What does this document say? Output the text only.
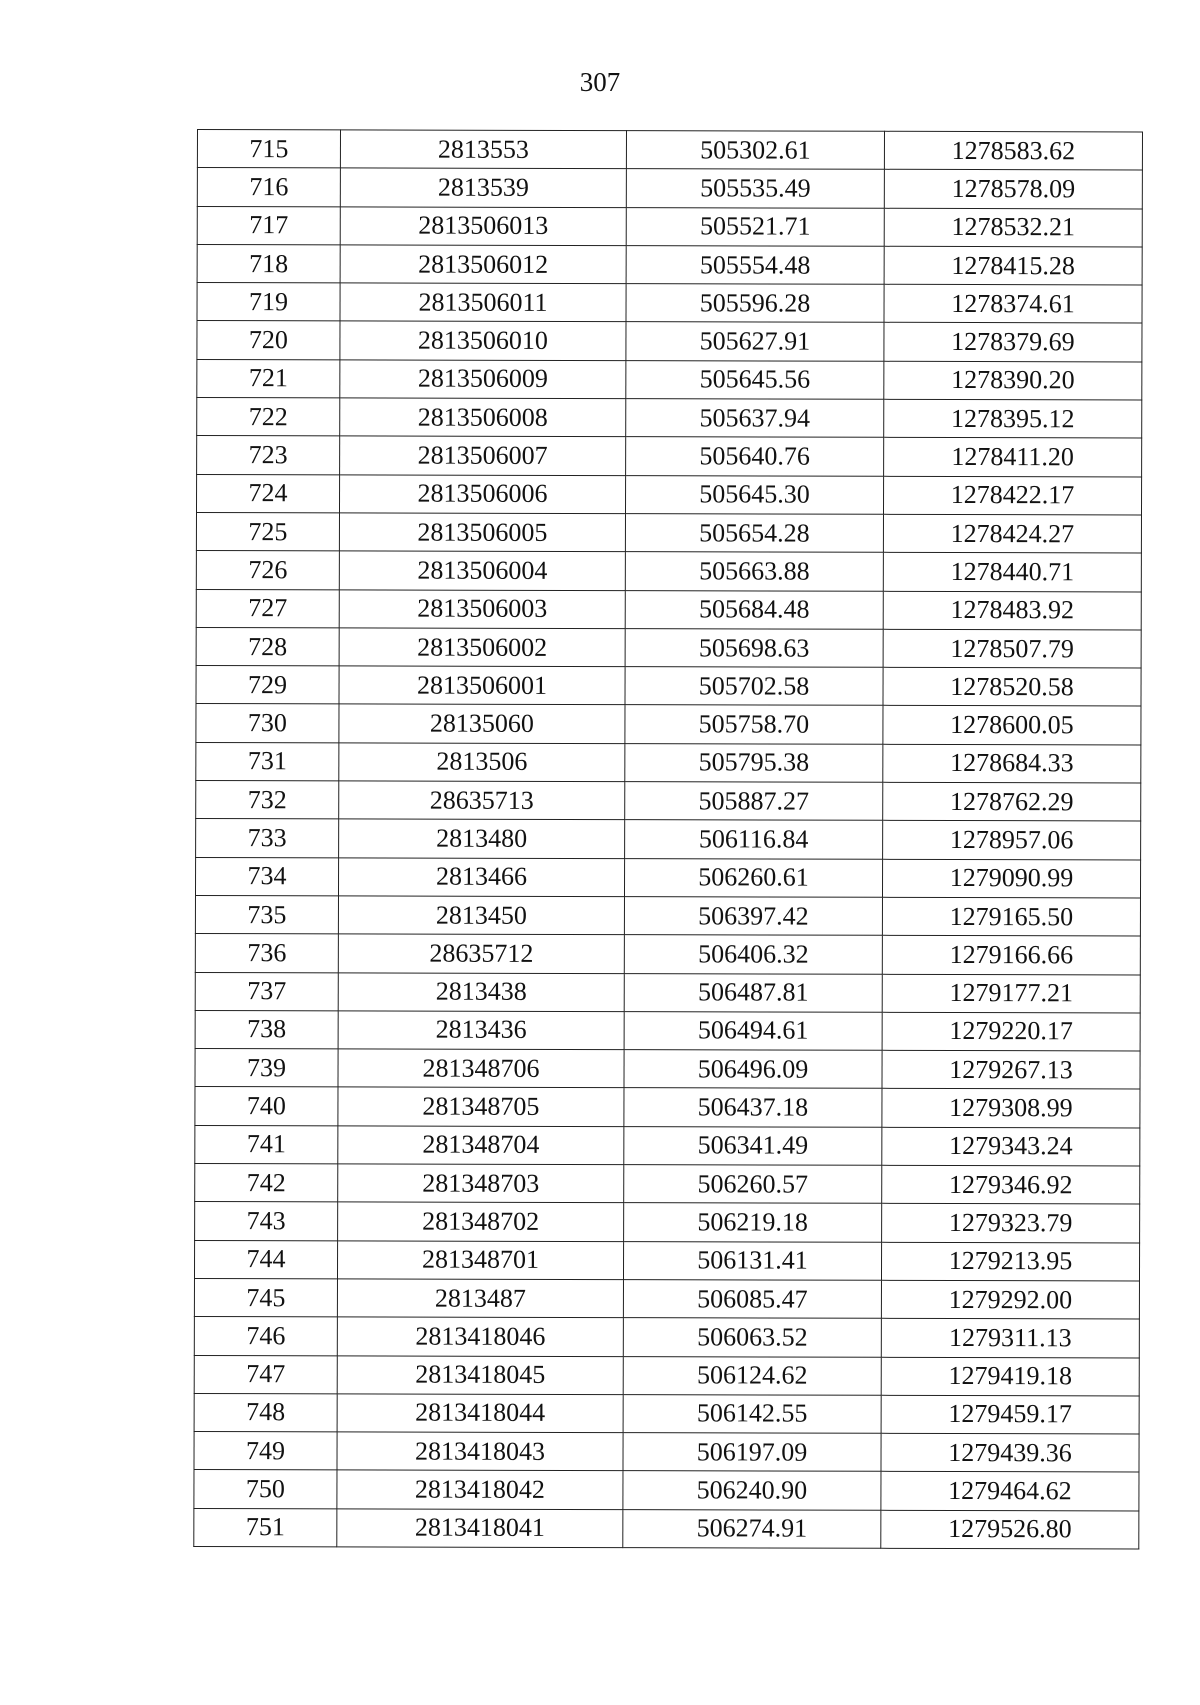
307
715	2813553	505302.61	1278583.62
716	2813539	505535.49	1278578.09
717	2813506013	505521.71	1278532.21
718	2813506012	505554.48	1278415.28
719	2813506011	505596.28	1278374.61
720	2813506010	505627.91	1278379.69
721	2813506009	505645.56	1278390.20
722	2813506008	505637.94	1278395.12
723	2813506007	505640.76	1278411.20
724	2813506006	505645.30	1278422.17
725	2813506005	505654.28	1278424.27
726	2813506004	505663.88	1278440.71
727	2813506003	505684.48	1278483.92
728	2813506002	505698.63	1278507.79
729	2813506001	505702.58	1278520.58
730	28135060	505758.70	1278600.05
731	2813506	505795.38	1278684.33
732	28635713	505887.27	1278762.29
733	2813480	506116.84	1278957.06
734	2813466	506260.61	1279090.99
735	2813450	506397.42	1279165.50
736	28635712	506406.32	1279166.66
737	2813438	506487.81	1279177.21
738	2813436	506494.61	1279220.17
739	281348706	506496.09	1279267.13
740	281348705	506437.18	1279308.99
741	281348704	506341.49	1279343.24
742	281348703	506260.57	1279346.92
743	281348702	506219.18	1279323.79
744	281348701	506131.41	1279213.95
745	2813487	506085.47	1279292.00
746	2813418046	506063.52	1279311.13
747	2813418045	506124.62	1279419.18
748	2813418044	506142.55	1279459.17
749	2813418043	506197.09	1279439.36
750	2813418042	506240.90	1279464.62
751	2813418041	506274.91	1279526.80
